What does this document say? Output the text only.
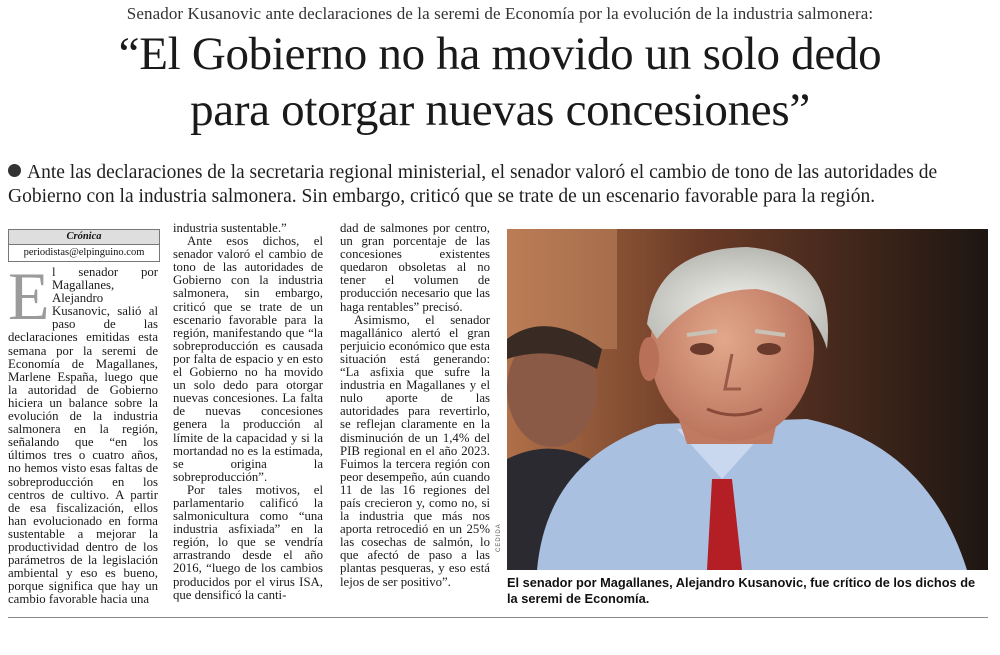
Senador Kusanovic ante declaraciones de la seremi de Economía por la evolución de la industria salmonera:
“El Gobierno no ha movido un solo dedo
para otorgar nuevas concesiones”
Ante las declaraciones de la secretaria regional ministerial, el senador valoró el cambio de tono de las autoridades de Gobierno con la industria salmonera. Sin embargo, criticó que se trate de un escenario favorable para la región.
Crónica
periodistas@elpinguino.com
E l senador por Magallanes, Alejandro Kusanovic, salió al paso de las declaraciones emitidas esta semana por la seremi de Economía de Magallanes, Marlene España, luego que la autoridad de Gobierno hiciera un balance sobre la evolución de la industria salmonera en la región, señalando que “en los últimos tres o cuatro años, no hemos visto esas faltas de sobreproducción en los centros de cultivo. A partir de esa fiscalización, ellos han evolucionado en forma sustentable a mejorar la productividad dentro de los parámetros de la legislación ambiental y eso es bueno, porque significa que hay un cambio favorable hacia una

industria sustentable.”

Ante esos dichos, el senador valoró el cambio de tono de las autoridades de Gobierno con la industria salmonera, sin embargo, criticó que se trate de un escenario favorable para la región, manifestando que “la sobreproducción es causada por falta de espacio y en esto el Gobierno no ha movido un solo dedo para otorgar nuevas concesiones. La falta de nuevas concesiones genera la producción al límite de la capacidad y si la mortandad no es la estimada, se origina la sobreproducción”.

Por tales motivos, el parlamentario calificó la salmonicultura como “una industria asfixiada” en la región, lo que se vendría arrastrando desde el año 2016, “luego de los cambios producidos por el virus ISA, que densificó la canti-

dad de salmones por centro, un gran porcentaje de las concesiones existentes quedaron obsoletas al no tener el volumen de producción necesario que las haga rentables” precisó.

Asimismo, el senador magallánico alertó el gran perjuicio económico que esta situación está generando: “La asfixia que sufre la industria en Magallanes y el nulo aporte de las autoridades para revertirlo, se reflejan claramente en la disminución de un 1,4% del PIB regional en el año 2023. Fuimos la tercera región con peor desempeño, aún cuando 11 de las 16 regiones del país crecieron y, como no, si la industria que más nos aporta retrocedió en un 25% las cosechas de salmón, lo que afectó de paso a las plantas pesqueras, y eso está lejos de ser positivo”.

CEDIDA
El senador por Magallanes, Alejandro Kusanovic, fue crítico de los dichos de la seremi de Economía.
